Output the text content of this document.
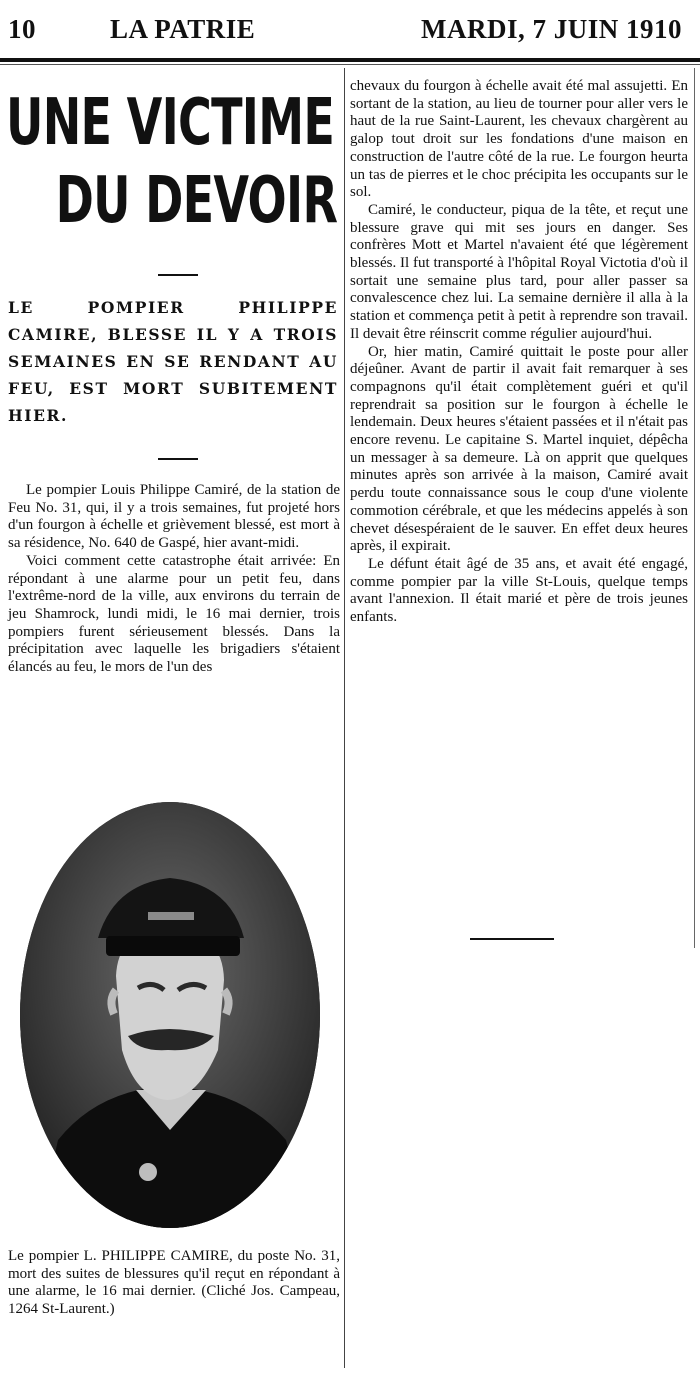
10	LA PATRIE	MARDI, 7 JUIN 1910
UNE VICTIME
DU DEVOIR

LE POMPIER PHILIPPE CAMIRE, BLESSE IL Y A TROIS SEMAINES EN SE RENDANT AU FEU, EST MORT SUBITEMENT HIER.

Le pompier Louis Philippe Camiré, de la station de Feu No. 31, qui, il y a trois semaines, fut projeté hors d'un fourgon à échelle et grièvement blessé, est mort à sa résidence, No. 640 de Gaspé, hier avant-midi.

Voici comment cette catastrophe était arrivée: En répondant à une alarme pour un petit feu, dans l'extrême-nord de la ville, aux environs du terrain de jeu Shamrock, lundi midi, le 16 mai dernier, trois pompiers furent sérieusement blessés. Dans la précipitation avec laquelle les brigadiers s'étaient élancés au feu, le mors de l'un des

Le pompier L. PHILIPPE CAMIRE, du poste No. 31, mort des suites de blessures qu'il reçut en répondant à une alarme, le 16 mai dernier. (Cliché Jos. Campeau, 1264 St-Laurent.)

chevaux du fourgon à échelle avait été mal assujetti. En sortant de la station, au lieu de tourner pour aller vers le haut de la rue Saint-Laurent, les chevaux chargèrent au galop tout droit sur les fondations d'une maison en construction de l'autre côté de la rue. Le fourgon heurta un tas de pierres et le choc précipita les occupants sur le sol.

Camiré, le conducteur, piqua de la tête, et reçut une blessure grave qui mit ses jours en danger. Ses confrères Mott et Martel n'avaient été que légèrement blessés. Il fut transporté à l'hôpital Royal Victotia d'où il sortait une semaine plus tard, pour aller passer sa convalescence chez lui. La semaine dernière il alla à la station et commença petit à petit à reprendre son travail. Il devait être réinscrit comme régulier aujourd'hui.

Or, hier matin, Camiré quittait le poste pour aller déjeûner. Avant de partir il avait fait remarquer à ses compagnons qu'il était complètement guéri et qu'il reprendrait sa position sur le fourgon à échelle le lendemain. Deux heures s'étaient passées et il n'était pas encore revenu. Le capitaine S. Martel inquiet, dépêcha un messager à sa demeure. Là on apprit que quelques minutes après son arrivée à la maison, Camiré avait perdu toute connaissance sous le coup d'une violente commotion cérébrale, et que les médecins appelés à son chevet désespéraient de le sauver. En effet deux heures après, il expirait.

Le défunt était âgé de 35 ans, et avait été engagé, comme pompier par la ville St-Louis, quelque temps avant l'annexion. Il était marié et père de trois jeunes enfants.
